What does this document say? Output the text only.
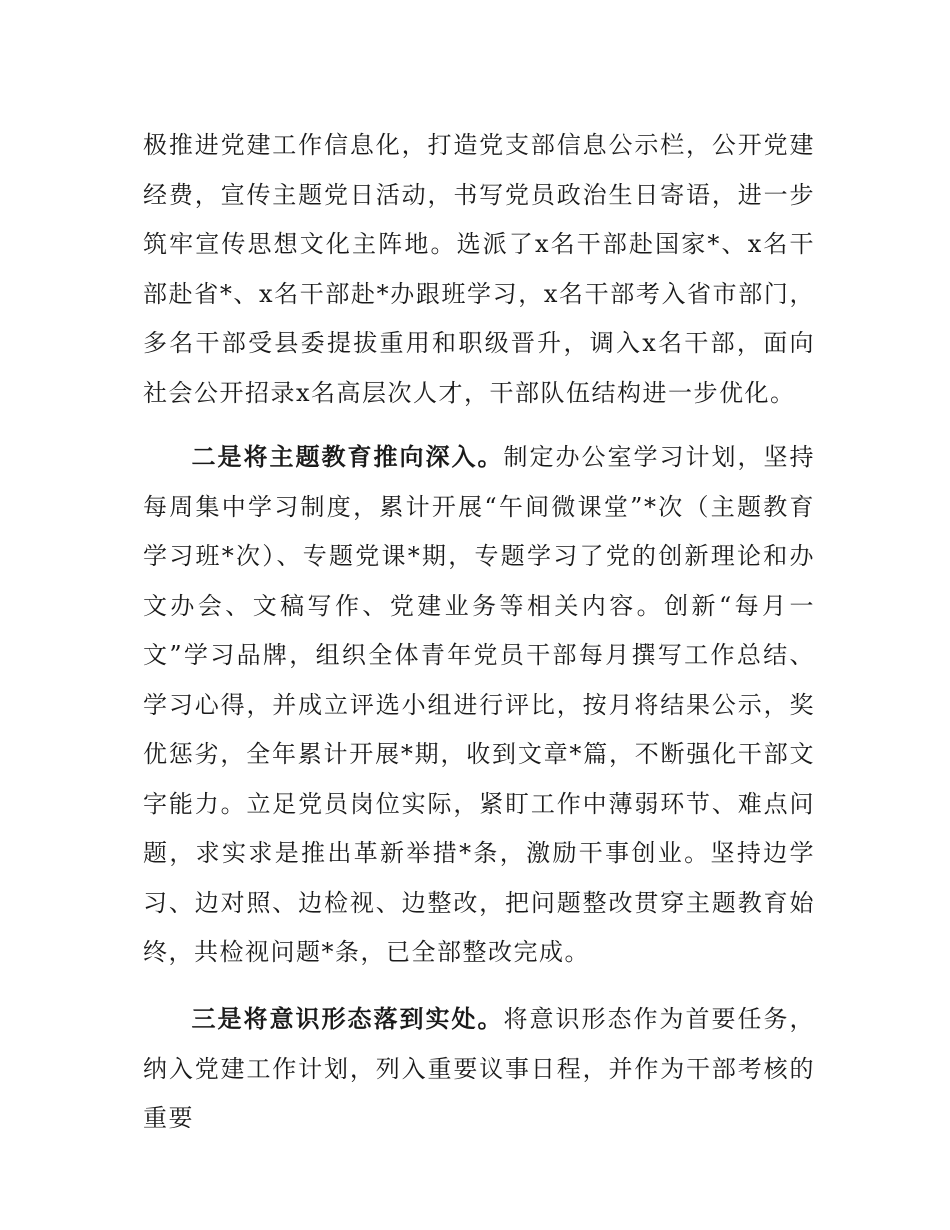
极推进党建工作信息化，打造党支部信息公示栏，公开党建经费，宣传主题党日活动，书写党员政治生日寄语，进一步筑牢宣传思想文化主阵地。选派了x名干部赴国家*、x名干部赴省*、x名干部赴*办跟班学习，x名干部考入省市部门，多名干部受县委提拔重用和职级晋升，调入x名干部，面向社会公开招录x名高层次人才，干部队伍结构进一步优化。

二是将主题教育推向深入。制定办公室学习计划，坚持每周集中学习制度，累计开展“午间微课堂”*次（主题教育学习班*次）、专题党课*期，专题学习了党的创新理论和办文办会、文稿写作、党建业务等相关内容。创新“每月一文”学习品牌，组织全体青年党员干部每月撰写工作总结、学习心得，并成立评选小组进行评比，按月将结果公示，奖优惩劣，全年累计开展*期，收到文章*篇，不断强化干部文字能力。立足党员岗位实际，紧盯工作中薄弱环节、难点问题，求实求是推出革新举措*条，激励干事创业。坚持边学习、边对照、边检视、边整改，把问题整改贯穿主题教育始终，共检视问题*条，已全部整改完成。

三是将意识形态落到实处。将意识形态作为首要任务，纳入党建工作计划，列入重要议事日程，并作为干部考核的重要
